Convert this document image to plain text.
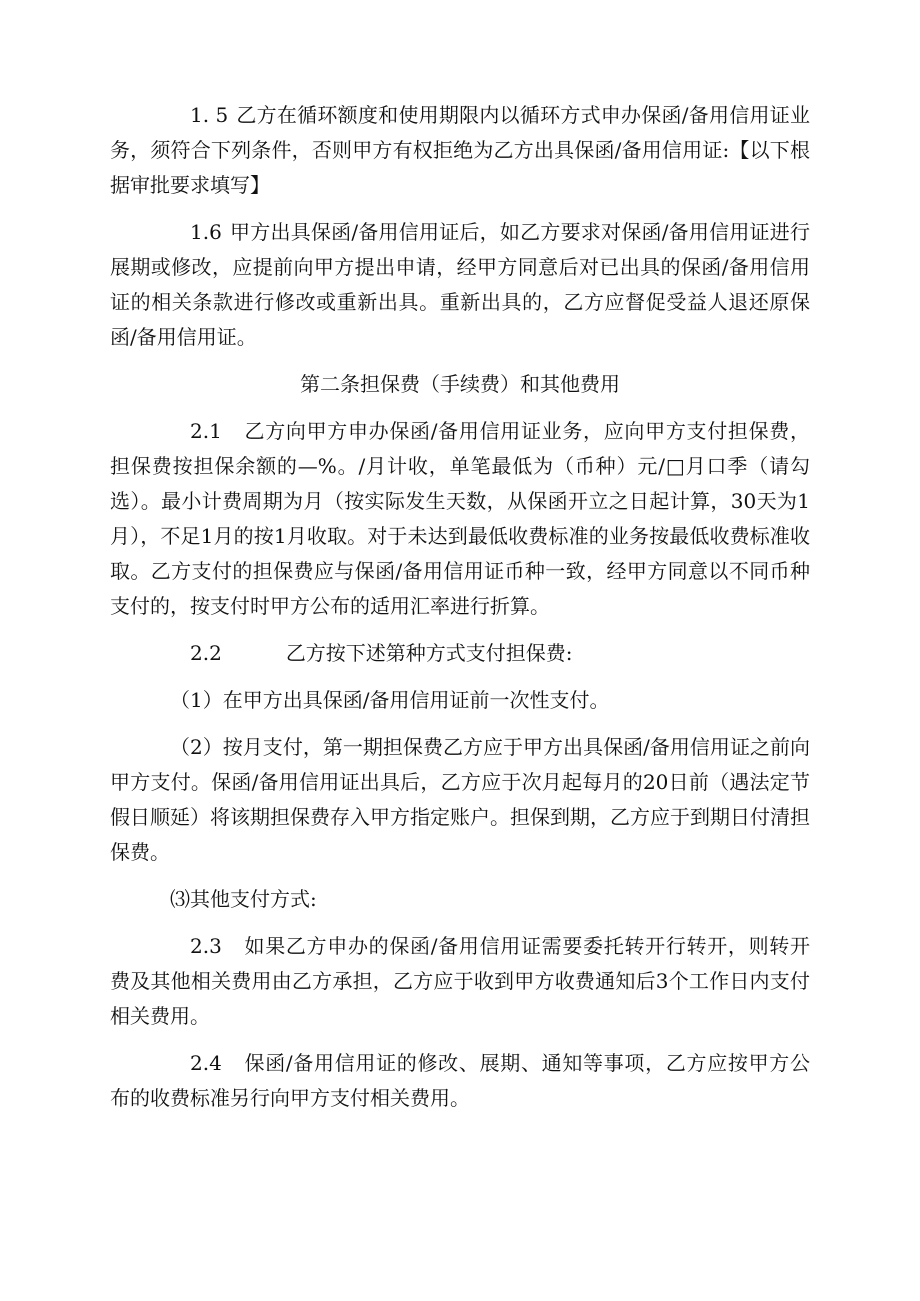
1. 5 乙方在循环额度和使用期限内以循环方式申办保函/备用信用证业务，须符合下列条件，否则甲方有权拒绝为乙方出具保函/备用信用证:【以下根据审批要求填写】

1.6 甲方出具保函/备用信用证后，如乙方要求对保函/备用信用证进行展期或修改，应提前向甲方提出申请，经甲方同意后对已出具的保函/备用信用证的相关条款进行修改或重新出具。重新出具的，乙方应督促受益人退还原保函/备用信用证。

第二条担保费（手续费）和其他费用

2.1 乙方向甲方申办保函/备用信用证业务，应向甲方支付担保费，担保费按担保余额的—%。/月计收，单笔最低为（币种）元/□月口季（请勾选）。最小计费周期为月（按实际发生天数，从保函开立之日起计算，30天为1月），不足1月的按1月收取。对于未达到最低收费标准的业务按最低收费标准收取。乙方支付的担保费应与保函/备用信用证币种一致，经甲方同意以不同币种支付的，按支付时甲方公布的适用汇率进行折算。

2.2	乙方按下述第种方式支付担保费:

（1）在甲方出具保函/备用信用证前一次性支付。

（2）按月支付，第一期担保费乙方应于甲方出具保函/备用信用证之前向甲方支付。保函/备用信用证出具后，乙方应于次月起每月的20日前（遇法定节假日顺延）将该期担保费存入甲方指定账户。担保到期，乙方应于到期日付清担保费。

⑶其他支付方式:

2.3 如果乙方申办的保函/备用信用证需要委托转开行转开，则转开费及其他相关费用由乙方承担，乙方应于收到甲方收费通知后3个工作日内支付相关费用。

2.4 保函/备用信用证的修改、展期、通知等事项，乙方应按甲方公布的收费标准另行向甲方支付相关费用。
